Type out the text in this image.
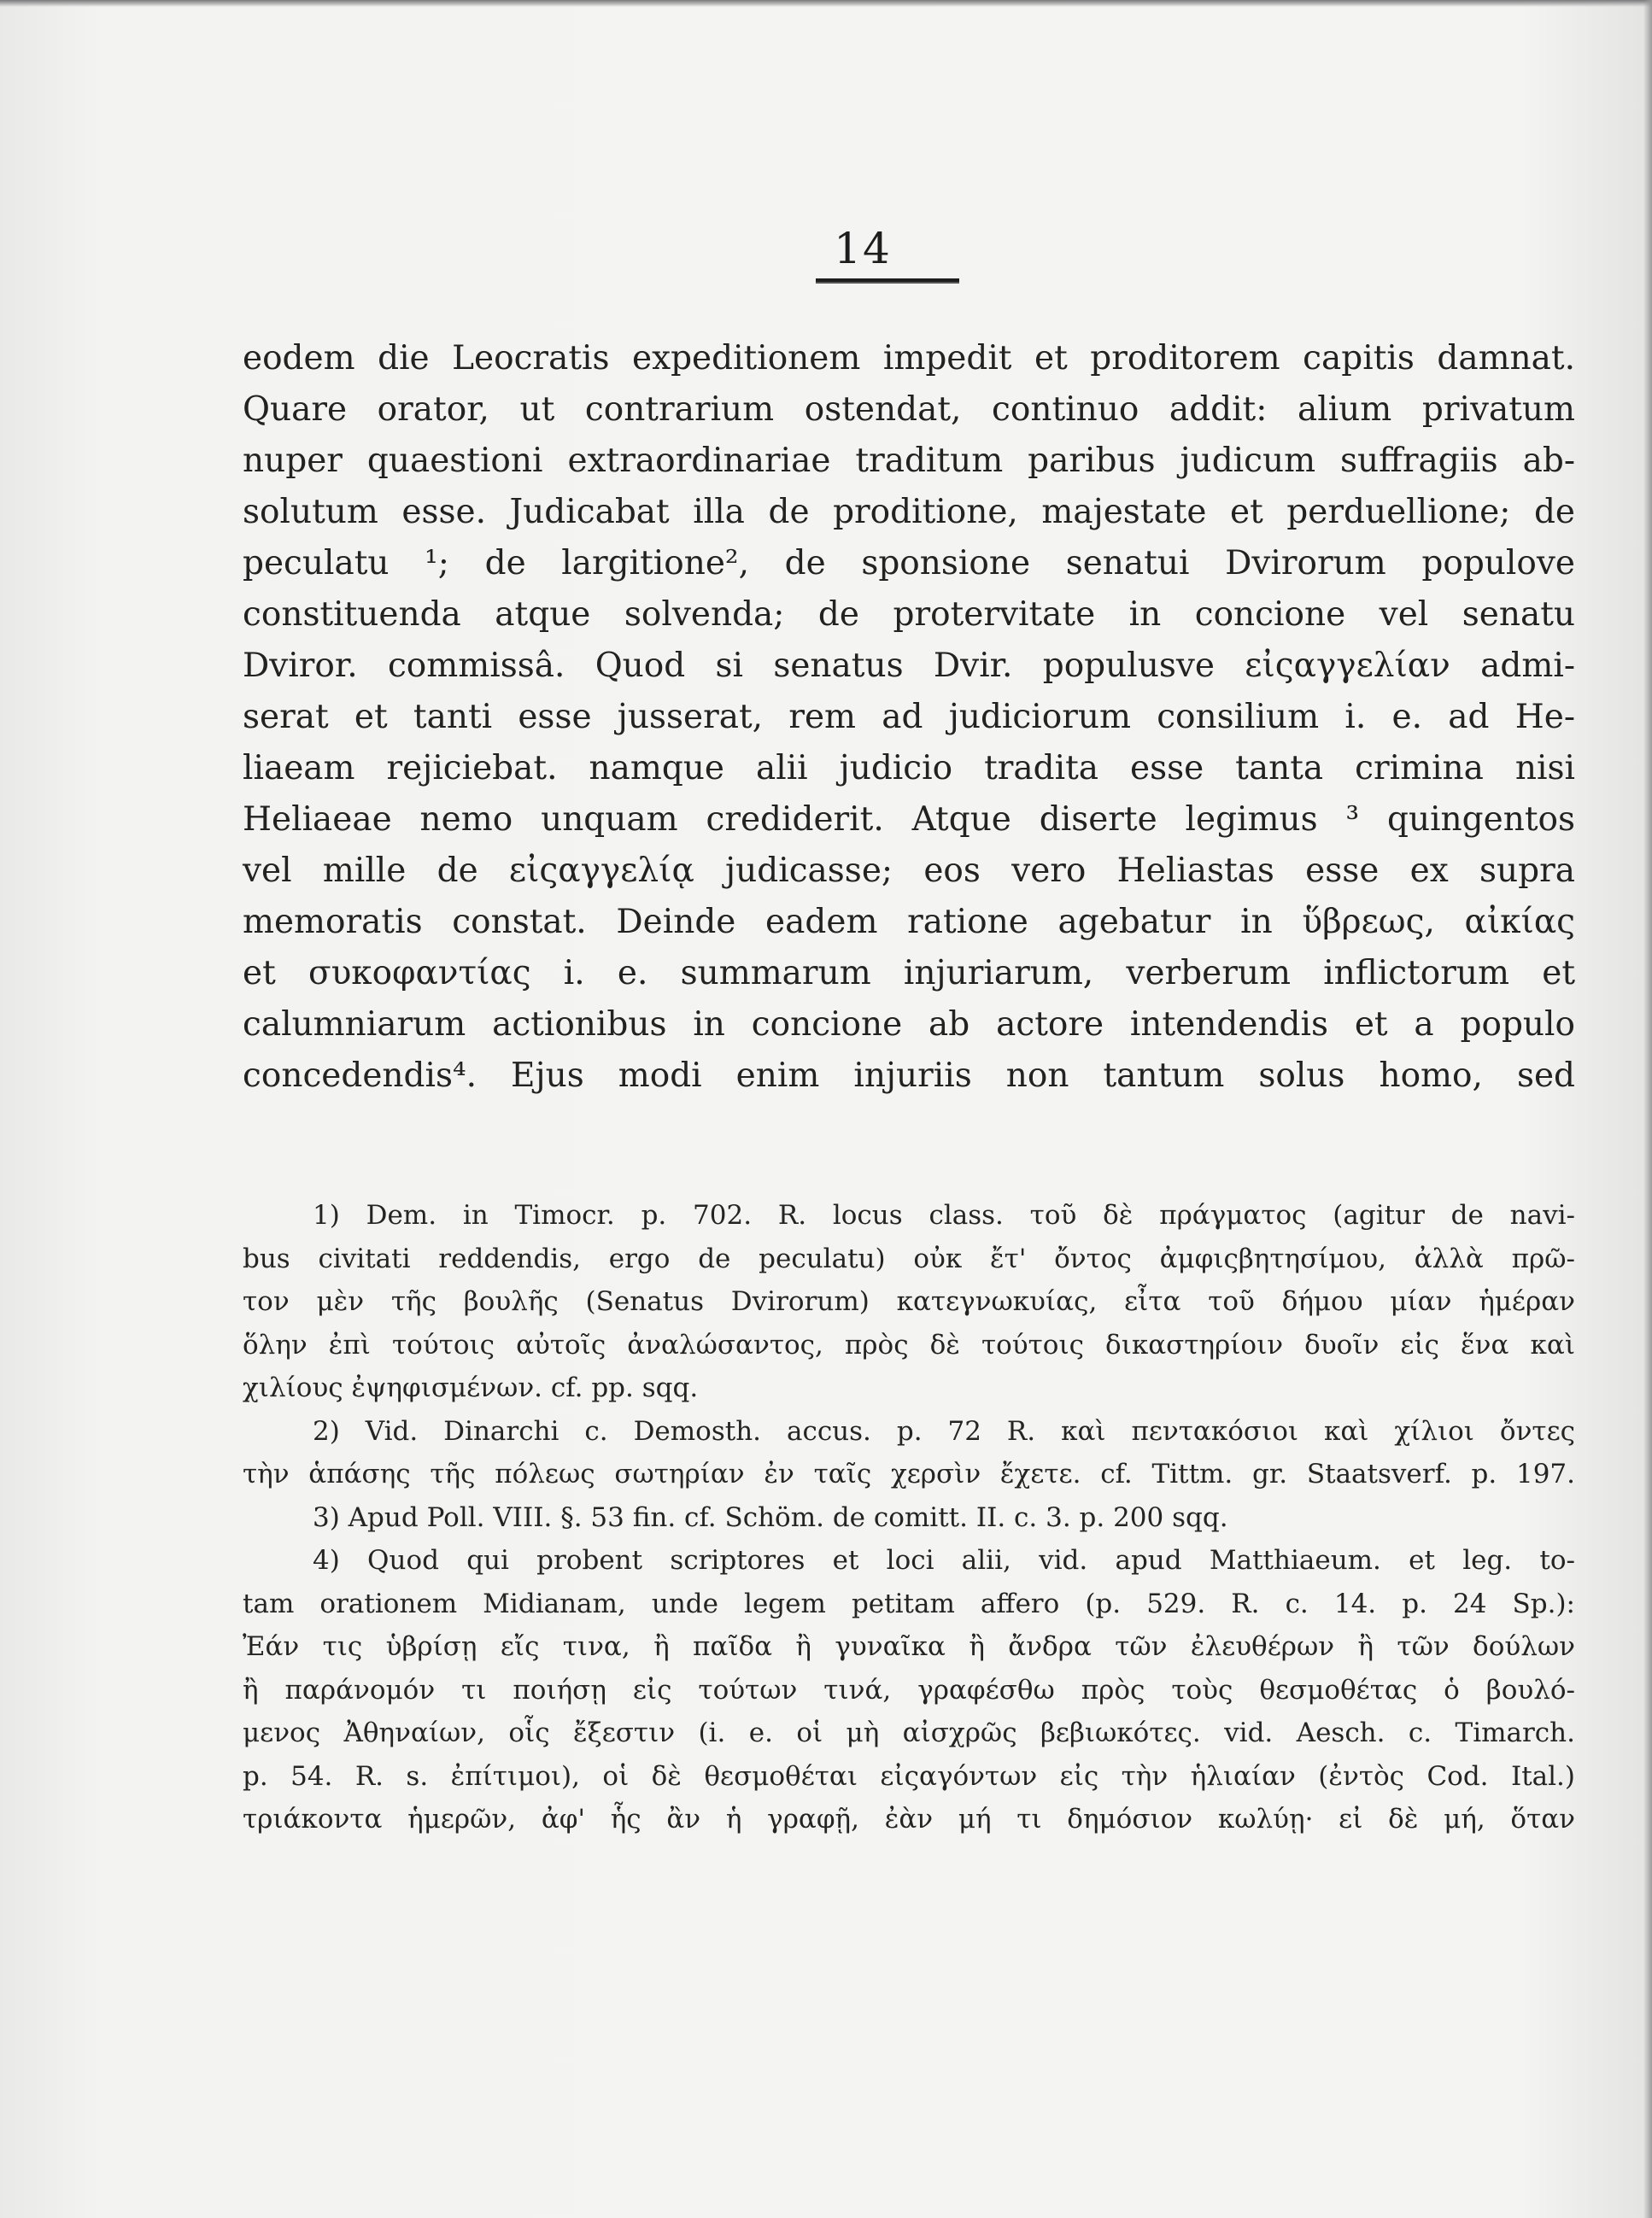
14
eodem die Leocratis expeditionem impedit et proditorem capitis damnat.
Quare orator, ut contrarium ostendat, continuo addit: alium privatum
nuper quaestioni extraordinariae traditum paribus judicum suffragiis ab-
solutum esse. Judicabat illa de proditione, majestate et perduellione; de
peculatu ¹; de largitione², de sponsione senatui Dvirorum populove
constituenda atque solvenda; de protervitate in concione vel senatu
Dviror. commissâ. Quod si senatus Dvir. populusve εἰςαγγελίαν admi-
serat et tanti esse jusserat, rem ad judiciorum consilium i. e. ad He-
liaeam rejiciebat. namque alii judicio tradita esse tanta crimina nisi
Heliaeae nemo unquam crediderit. Atque diserte legimus ³ quingentos
vel mille de εἰςαγγελίᾳ judicasse; eos vero Heliastas esse ex supra
memoratis constat. Deinde eadem ratione agebatur in ὕβρεως, αἰκίας
et συκοφαντίας i. e. summarum injuriarum, verberum inflictorum et
calumniarum actionibus in concione ab actore intendendis et a populo
concedendis⁴. Ejus modi enim injuriis non tantum solus homo, sed
1) Dem. in Timocr. p. 702. R. locus class. τοῦ δὲ πράγματος (agitur de navi-
bus civitati reddendis, ergo de peculatu) οὐκ ἔτ' ὄντος ἀμφιςβητησίμου, ἀλλὰ πρῶ-
τον μὲν τῆς βουλῆς (Senatus Dvirorum) κατεγνωκυίας, εἶτα τοῦ δήμου μίαν ἡμέραν
ὅλην ἐπὶ τούτοις αὐτοῖς ἀναλώσαντος, πρὸς δὲ τούτοις δικαστηρίοιν δυοῖν εἰς ἕνα καὶ
χιλίους ἐψηφισμένων. cf. pp. sqq.
2) Vid. Dinarchi c. Demosth. accus. p. 72 R. καὶ πεντακόσιοι καὶ χίλιοι ὄντες
τὴν ἁπάσης τῆς πόλεως σωτηρίαν ἐν ταῖς χερσὶν ἔχετε. cf. Tittm. gr. Staatsverf. p. 197.
3) Apud Poll. VIII. §. 53 fin. cf. Schöm. de comitt. II. c. 3. p. 200 sqq.
4) Quod qui probent scriptores et loci alii, vid. apud Matthiaeum. et leg. to-
tam orationem Midianam, unde legem petitam affero (p. 529. R. c. 14. p. 24 Sp.):
Ἐάν τις ὑβρίσῃ εἴς τινα, ἢ παῖδα ἢ γυναῖκα ἢ ἄνδρα τῶν ἐλευθέρων ἢ τῶν δούλων
ἢ παράνομόν τι ποιήσῃ εἰς τούτων τινά, γραφέσθω πρὸς τοὺς θεσμοθέτας ὁ βουλό-
μενος Ἀθηναίων, οἷς ἔξεστιν (i. e. οἱ μὴ αἰσχρῶς βεβιωκότες. vid. Aesch. c. Timarch.
p. 54. R. s. ἐπίτιμοι), οἱ δὲ θεσμοθέται εἰςαγόντων εἰς τὴν ἡλιαίαν (ἐντὸς Cod. Ital.)
τριάκοντα ἡμερῶν, ἀφ' ἧς ἂν ἡ γραφῇ, ἐὰν μή τι δημόσιον κωλύῃ· εἰ δὲ μή, ὅταν
